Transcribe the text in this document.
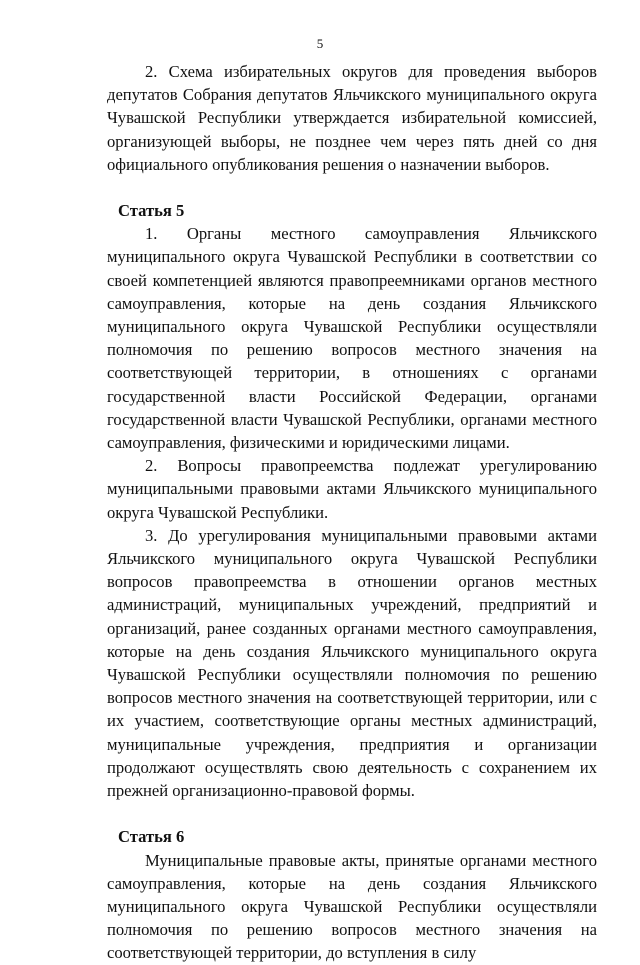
5

2. Схема избирательных округов для проведения выборов депутатов Собрания депутатов Яльчикского муниципального округа Чувашской Республики утверждается избирательной комиссией, организующей выборы, не позднее чем через пять дней со дня официального опубликования решения о назначении выборов.

Статья 5

1. Органы местного самоуправления Яльчикского муниципального округа Чувашской Республики в соответствии со своей компетенцией являются правопреемниками органов местного самоуправления, которые на день создания Яльчикского муниципального округа Чувашской Республики осуществляли полномочия по решению вопросов местного значения на соответствующей территории, в отношениях с органами государственной власти Российской Федерации, органами государственной власти Чувашской Республики, органами местного самоуправления, физическими и юридическими лицами.

2. Вопросы правопреемства подлежат урегулированию муниципальными правовыми актами Яльчикского муниципального округа Чувашской Республики.

3. До урегулирования муниципальными правовыми актами Яльчикского муниципального округа Чувашской Республики вопросов правопреемства в отношении органов местных администраций, муниципальных учреждений, предприятий и организаций, ранее созданных органами местного самоуправления, которые на день создания Яльчикского муниципального округа Чувашской Республики осуществляли полномочия по решению вопросов местного значения на соответствующей территории, или с их участием, соответствующие органы местных администраций, муниципальные учреждения, предприятия и организации продолжают осуществлять свою деятельность с сохранением их прежней организационно-правовой формы.

Статья 6

Муниципальные правовые акты, принятые органами местного самоуправления, которые на день создания Яльчикского муниципального округа Чувашской Республики осуществляли полномочия по решению вопросов местного значения на соответствующей территории, до вступления в силу
